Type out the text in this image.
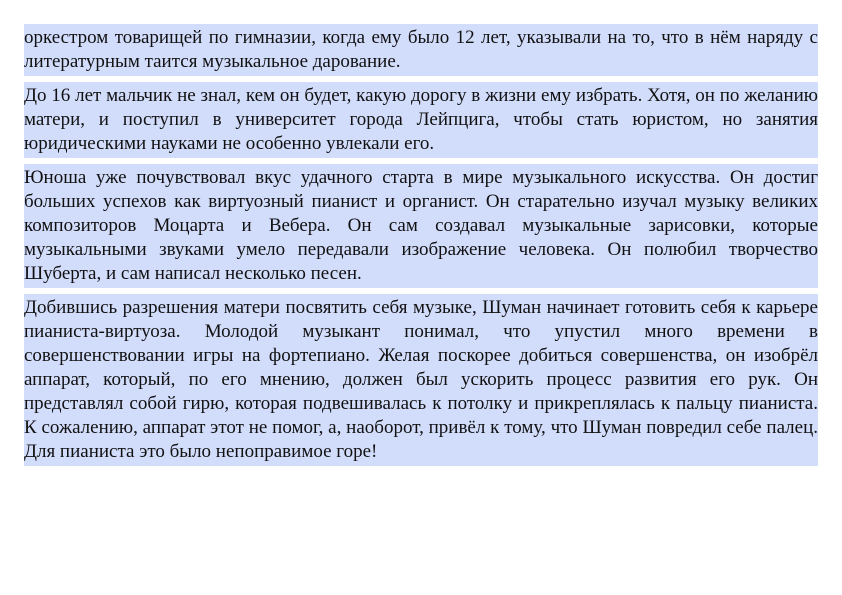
оркестром товарищей по гимназии, когда ему было 12 лет, указывали на то, что в нём наряду с литературным таится музыкальное дарование.

До 16 лет мальчик не знал, кем он будет, какую дорогу в жизни ему избрать. Хотя, он по желанию матери, и поступил в университет города Лейпцига, чтобы стать юристом, но занятия юридическими науками не особенно увлекали его.

Юноша уже почувствовал вкус удачного старта в мире музыкального искусства. Он достиг больших успехов как виртуозный пианист и органист. Он старательно изучал музыку великих композиторов Моцарта и Вебера. Он сам создавал музыкальные зарисовки, которые музыкальными звуками умело передавали изображение человека. Он полюбил творчество Шуберта, и сам написал несколько песен.

Добившись разрешения матери посвятить себя музыке, Шуман начинает готовить себя к карьере пианиста-виртуоза. Молодой музыкант понимал, что упустил много времени в совершенствовании игры на фортепиано. Желая поскорее добиться совершенства, он изобрёл аппарат, который, по его мнению, должен был ускорить процесс развития его рук. Он представлял собой гирю, которая подвешивалась к потолку и прикреплялась к пальцу пианиста. К сожалению, аппарат этот не помог, а, наоборот, привёл к тому, что Шуман повредил себе палец. Для пианиста это было непоправимое горе!
